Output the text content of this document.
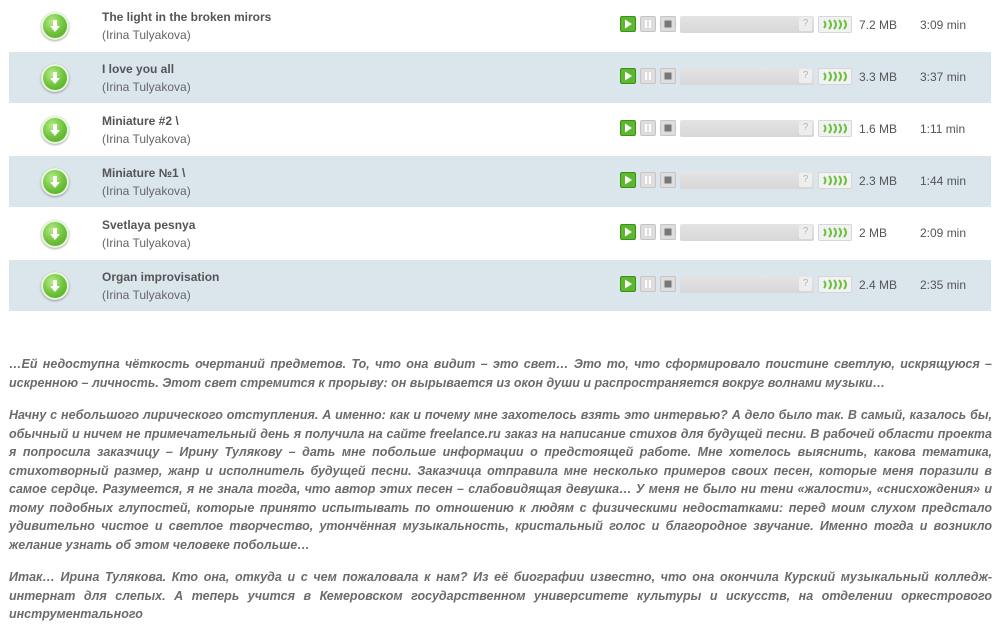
The light in the broken mirors
(Irina Tulyakova)
?	7.2 MB 3:09 min
I love you all
(Irina Tulyakova)
?	3.3 MB 3:37 min
Miniature #2 \
(Irina Tulyakova)
?	1.6 MB 1:11 min
Miniature №1 \
(Irina Tulyakova)
?	2.3 MB 1:44 min
Svetlaya pesnya
(Irina Tulyakova)
?	2 MB	2:09 min
Organ improvisation
(Irina Tulyakova)
?	2.4 MB 2:35 min

…Ей недоступна чёткость очертаний предметов. То, что она видит – это свет… Это то, что сформировало поистине светлую, искрящуюся – искренною – личность. Этот свет стремится к прорыву: он вырывается из окон души и распространяется вокруг волнами музыки…

Начну с небольшого лирического отступления. А именно: как и почему мне захотелось взять это интервью? А дело было так. В самый, казалось бы, обычный и ничем не примечательный день я получила на сайте freelance.ru заказ на написание стихов для будущей песни. В рабочей области проекта я попросила заказчицу – Ирину Тулякову – дать мне побольше информации о предстоящей работе. Мне хотелось выяснить, какова тематика, стихотворный размер, жанр и исполнитель будущей песни. Заказчица отправила мне несколько примеров своих песен, которые меня поразили в самое сердце. Разумеется, я не знала тогда, что автор этих песен – слабовидящая девушка… У меня не было ни тени «жалости», «снисхождения» и тому подобных глупостей, которые принято испытывать по отношению к людям с физическими недостатками: перед моим слухом предстало удивительно чистое и светлое творчество, утончённая музыкальность, кристальный голос и благородное звучание. Именно тогда и возникло желание узнать об этом человеке побольше…

Итак… Ирина Тулякова. Кто она, откуда и с чем пожаловала к нам? Из её биографии известно, что она окончила Курский музыкальный колледж-интернат для слепых. А теперь учится в Кемеровском государственном университете культуры и искусств, на отделении оркестрового инструментального
